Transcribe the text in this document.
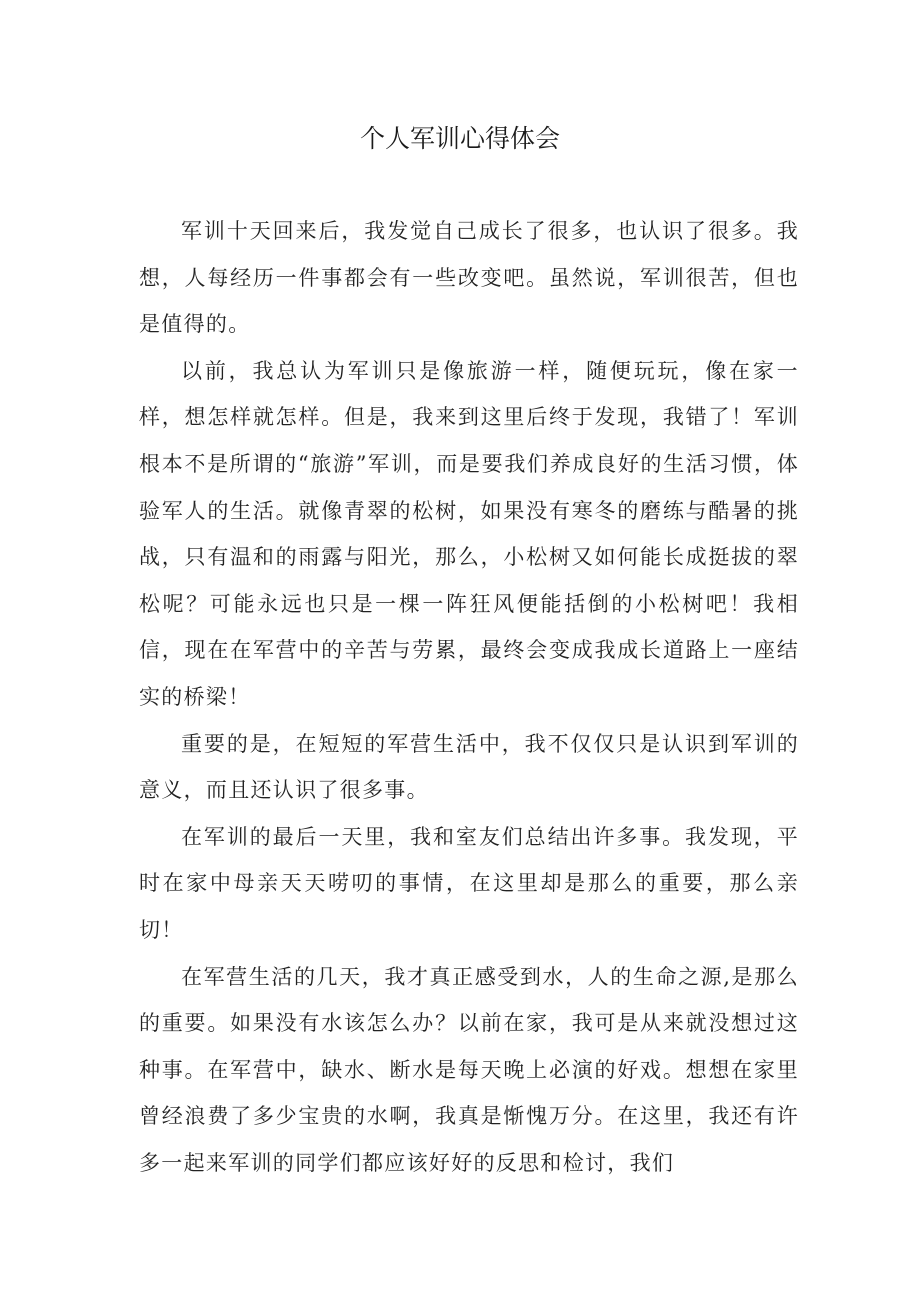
个人军训心得体会

军训十天回来后，我发觉自己成长了很多，也认识了很多。我想，人每经历一件事都会有一些改变吧。虽然说，军训很苦，但也是值得的。

以前，我总认为军训只是像旅游一样，随便玩玩，像在家一样，想怎样就怎样。但是，我来到这里后终于发现，我错了！军训根本不是所谓的“旅游”军训，而是要我们养成良好的生活习惯，体验军人的生活。就像青翠的松树，如果没有寒冬的磨练与酷暑的挑战，只有温和的雨露与阳光，那么，小松树又如何能长成挺拔的翠松呢？可能永远也只是一棵一阵狂风便能括倒的小松树吧！我相信，现在在军营中的辛苦与劳累，最终会变成我成长道路上一座结实的桥梁！

重要的是，在短短的军营生活中，我不仅仅只是认识到军训的意义，而且还认识了很多事。

在军训的最后一天里，我和室友们总结出许多事。我发现，平时在家中母亲天天唠叨的事情，在这里却是那么的重要，那么亲切！

在军营生活的几天，我才真正感受到水，人的生命之源,是那么的重要。如果没有水该怎么办？以前在家，我可是从来就没想过这种事。在军营中，缺水、断水是每天晚上必演的好戏。想想在家里曾经浪费了多少宝贵的水啊，我真是惭愧万分。在这里，我还有许多一起来军训的同学们都应该好好的反思和检讨，我们
